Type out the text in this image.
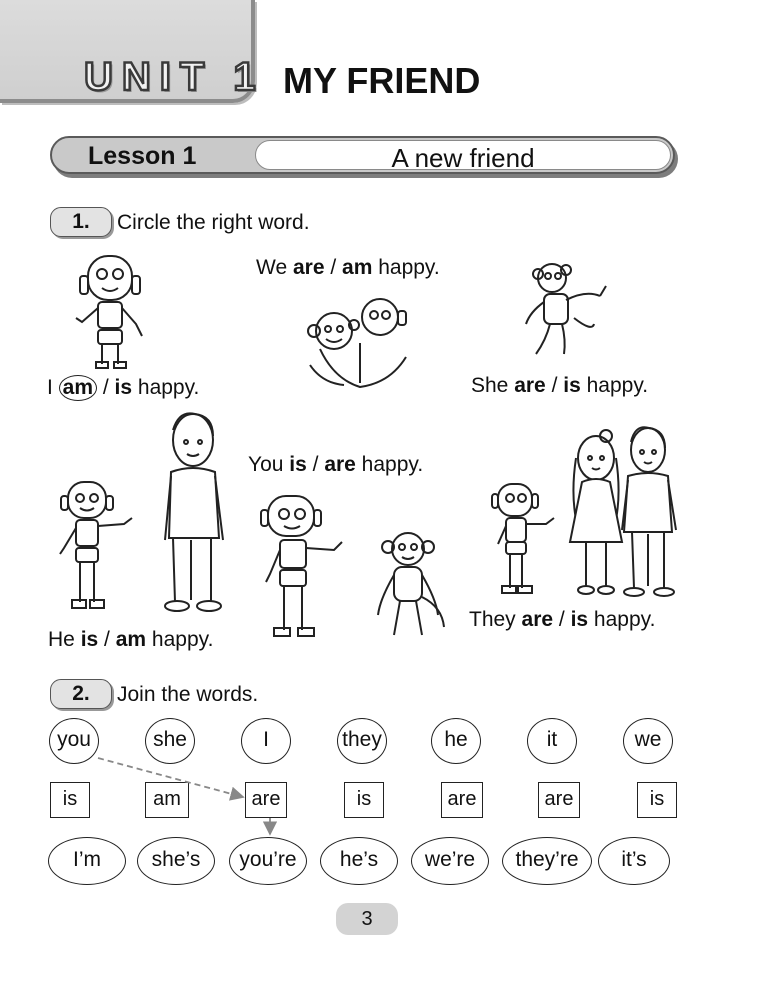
UNIT 1 MY FRIEND
Lesson 1	A new friend
1.	Circle the right word.
I am / is happy.
We are / am happy.
She are / is happy.
You is / are happy.
He is / am happy.
They are / is happy.
2.	Join the words.
you	she	I	they	he	it	we
is	am	are	is	are	are	is
I’m	she’s	you’re	he’s	we’re	they’re	it’s
3
